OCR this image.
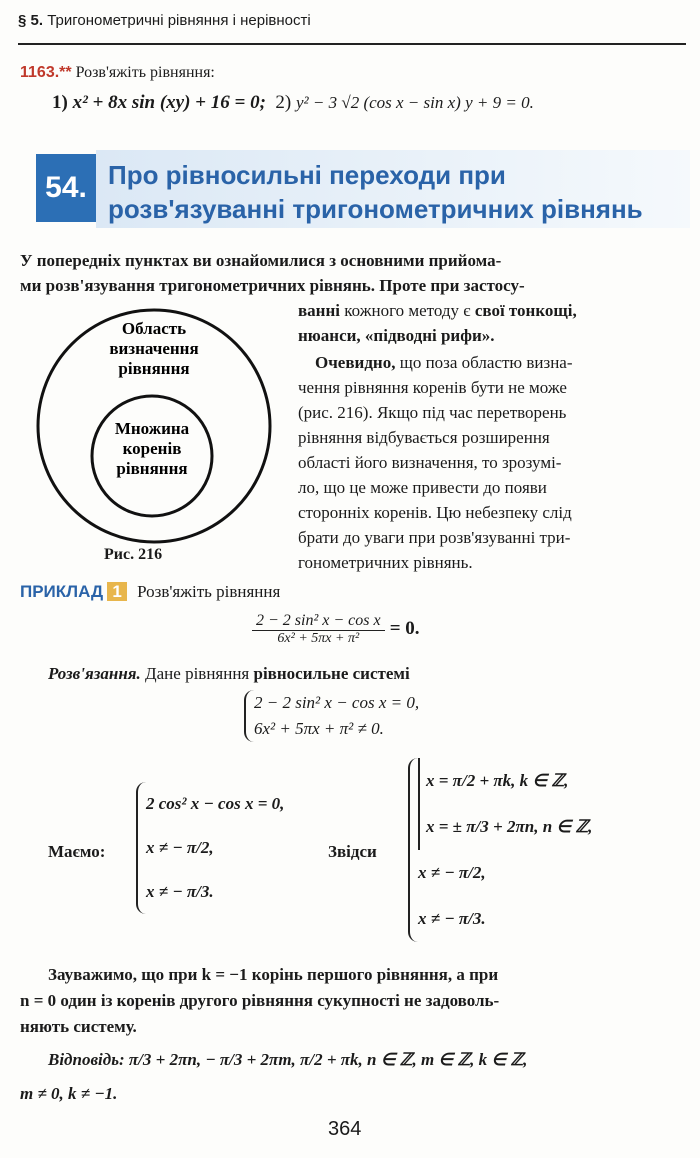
§ 5. Тригонометричні рівняння і нерівності
1163.** Розв'яжіть рівняння:
1) x² + 8x sin (xy) + 16 = 0; 2) y² − 3 √2 (cos x − sin x) y + 9 = 0.
54. Про рівносильні переходи при
розв'язуванні тригонометричних рівнянь
У попередніх пунктах ви ознайомилися з основними прийома-
ми розв'язування тригонометричних рівнянь. Проте при застосу-
ванні кожного методу є свої тонкощі,
нюанси, «підводні рифи».
Очевидно, що поза областю визна-
чення рівняння коренів бути не може
(рис. 216). Якщо під час перетворень
рівняння відбувається розширення
області його визначення, то зрозумі-
ло, що це може привести до появи
сторонніх коренів. Цю небезпеку слід
брати до уваги при розв'язуванні три-
гонометричних рівнянь.
Область
визначення
рівняння
Множина
коренів
рівняння
Рис. 216
ПРИКЛАД 1 Розв'яжіть рівняння
$\frac{\text{2 − 2 sin² x − cos x}}{\text{6x² + 5πx + π²}} = 0$.
Розв'язання. Дане рівняння рівносильне системі
2 − 2 sin² x − cos x = 0,
6x² + 5πx + π² ≠ 0.
Маємо:
2 cos² x − cos x = 0,
x ≠ − π/2,
x ≠ − π/3.
Звідси
x = π/2 + πk, k ∈ ℤ,
x = ± π/3 + 2πn, n ∈ ℤ,
x ≠ − π/2,
x ≠ − π/3.
Зауважимо, що при k = −1 корінь першого рівняння, а при
n = 0 один із коренів другого рівняння сукупності не задоволь-
няють систему.
Відповідь: π/3 + 2πn, − π/3 + 2πm, π/2 + πk, n ∈ ℤ, m ∈ ℤ, k ∈ ℤ,
m ≠ 0, k ≠ −1.
364
